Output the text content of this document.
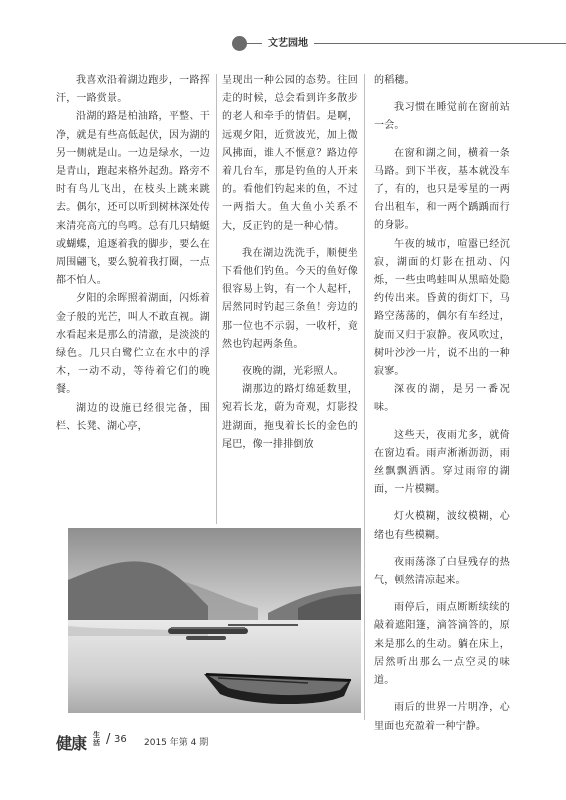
文艺园地

我喜欢沿着湖边跑步，一路挥汗，一路赏景。

沿湖的路是柏油路，平整、干净，就是有些高低起伏，因为湖的另一侧就是山。一边是绿水，一边是青山，跑起来格外起劲。路旁不时有鸟儿飞出，在枝头上跳来跳去。偶尔，还可以听到树林深处传来清亮高亢的鸟鸣。总有几只蜻蜓或蝴蝶，追逐着我的脚步，要么在周围翩飞，要么貌着我打圈，一点都不怕人。

夕阳的余晖照着湖面，闪烁着金子般的光芒，叫人不敢直视。湖水看起来是那么的清澈，是淡淡的绿色。几只白鹭伫立在水中的浮木，一动不动，等待着它们的晚餐。

湖边的设施已经很完备，围栏、长凳、湖心亭，

呈现出一种公园的态势。往回走的时候，总会看到许多散步的老人和牵手的情侣。是啊，远观夕阳，近赏波光，加上微风拂面，谁人不惬意？路边停着几台车，那是钓鱼的人开来的。看他们钓起来的鱼，不过一两指大。鱼大鱼小关系不大，反正钓的是一种心情。

我在湖边洗洗手，顺便坐下看他们钓鱼。今天的鱼好像很容易上钩，有一个人起杆，居然同时钓起三条鱼！旁边的那一位也不示弱，一收杆，竟然也钓起两条鱼。

夜晚的湖，光彩照人。

湖那边的路灯绵延数里，宛若长龙，蔚为奇观，灯影投进湖面，拖曳着长长的金色的尾巴，像一排排倒放

的稻穗。

我习惯在睡觉前在窗前站一会。

在窗和湖之间，横着一条马路。到下半夜，基本就没车了，有的，也只是零星的一两台出租车，和一两个踽踽而行的身影。

午夜的城市，喧嚣已经沉寂，湖面的灯影在扭动、闪烁，一些虫鸣蛙叫从黑暗处隐约传出来。昏黄的街灯下，马路空荡荡的，偶尔有车经过，旋而又归于寂静。夜风吹过，树叶沙沙一片，说不出的一种寂寥。

深夜的湖，是另一番况味。

这些天，夜雨尤多，就倚在窗边看。雨声淅淅沥沥，雨丝飘飘洒洒。穿过雨帘的湖面，一片模糊。

灯火模糊，波纹模糊，心绪也有些模糊。

夜雨荡涤了白昼残存的热气，顿然清凉起来。

雨停后，雨点断断续续的敲着遮阳篷，滴答滴答的，原来是那么的生动。躺在床上，居然听出那么一点空灵的味道。

雨后的世界一片明净，心里面也充盈着一种宁静。

健康 生活 / 36 2015 年第 4 期
